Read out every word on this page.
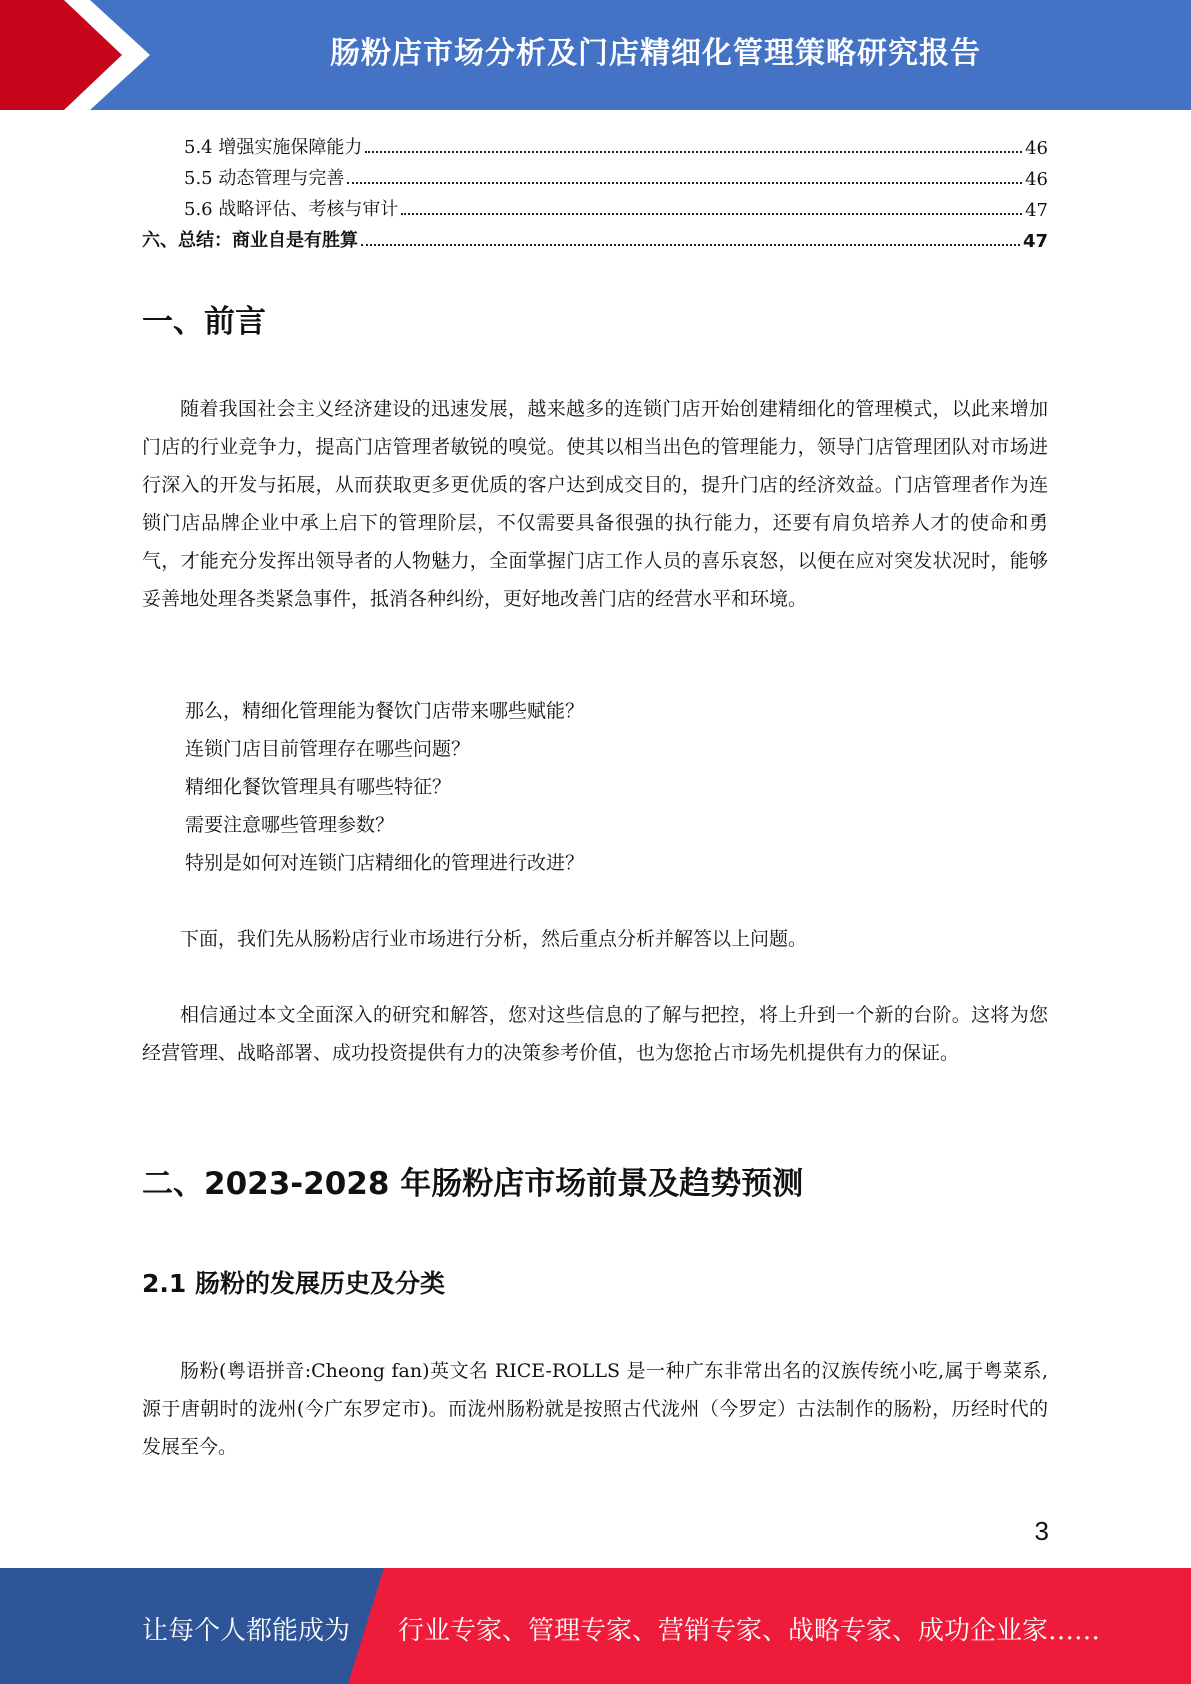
肠粉店市场分析及门店精细化管理策略研究报告
5.4 增强实施保障能力	46
5.5 动态管理与完善	46
5.6 战略评估、考核与审计	47
六、总结：商业自是有胜算	47
一、前言

随着我国社会主义经济建设的迅速发展，越来越多的连锁门店开始创建精细化的管理模式，以此来增加门店的行业竞争力，提高门店管理者敏锐的嗅觉。使其以相当出色的管理能力，领导门店管理团队对市场进行深入的开发与拓展，从而获取更多更优质的客户达到成交目的，提升门店的经济效益。门店管理者作为连锁门店品牌企业中承上启下的管理阶层，不仅需要具备很强的执行能力，还要有肩负培养人才的使命和勇气，才能充分发挥出领导者的人物魅力，全面掌握门店工作人员的喜乐哀怒，以便在应对突发状况时，能够妥善地处理各类紧急事件，抵消各种纠纷，更好地改善门店的经营水平和环境。

那么，精细化管理能为餐饮门店带来哪些赋能？
连锁门店目前管理存在哪些问题？
精细化餐饮管理具有哪些特征？
需要注意哪些管理参数？
特别是如何对连锁门店精细化的管理进行改进？

下面，我们先从肠粉店行业市场进行分析，然后重点分析并解答以上问题。

相信通过本文全面深入的研究和解答，您对这些信息的了解与把控，将上升到一个新的台阶。这将为您经营管理、战略部署、成功投资提供有力的决策参考价值，也为您抢占市场先机提供有力的保证。

二、2023-2028 年肠粉店市场前景及趋势预测
2.1 肠粉的发展历史及分类

肠粉(粤语拼音:Cheong fan)英文名 RICE-ROLLS 是一种广东非常出名的汉族传统小吃,属于粤菜系,源于唐朝时的泷州(今广东罗定市)。而泷州肠粉就是按照古代泷州（今罗定）古法制作的肠粉，历经时代的发展至今。

3
让每个人都能成为 行业专家、管理专家、营销专家、战略专家、成功企业家……
